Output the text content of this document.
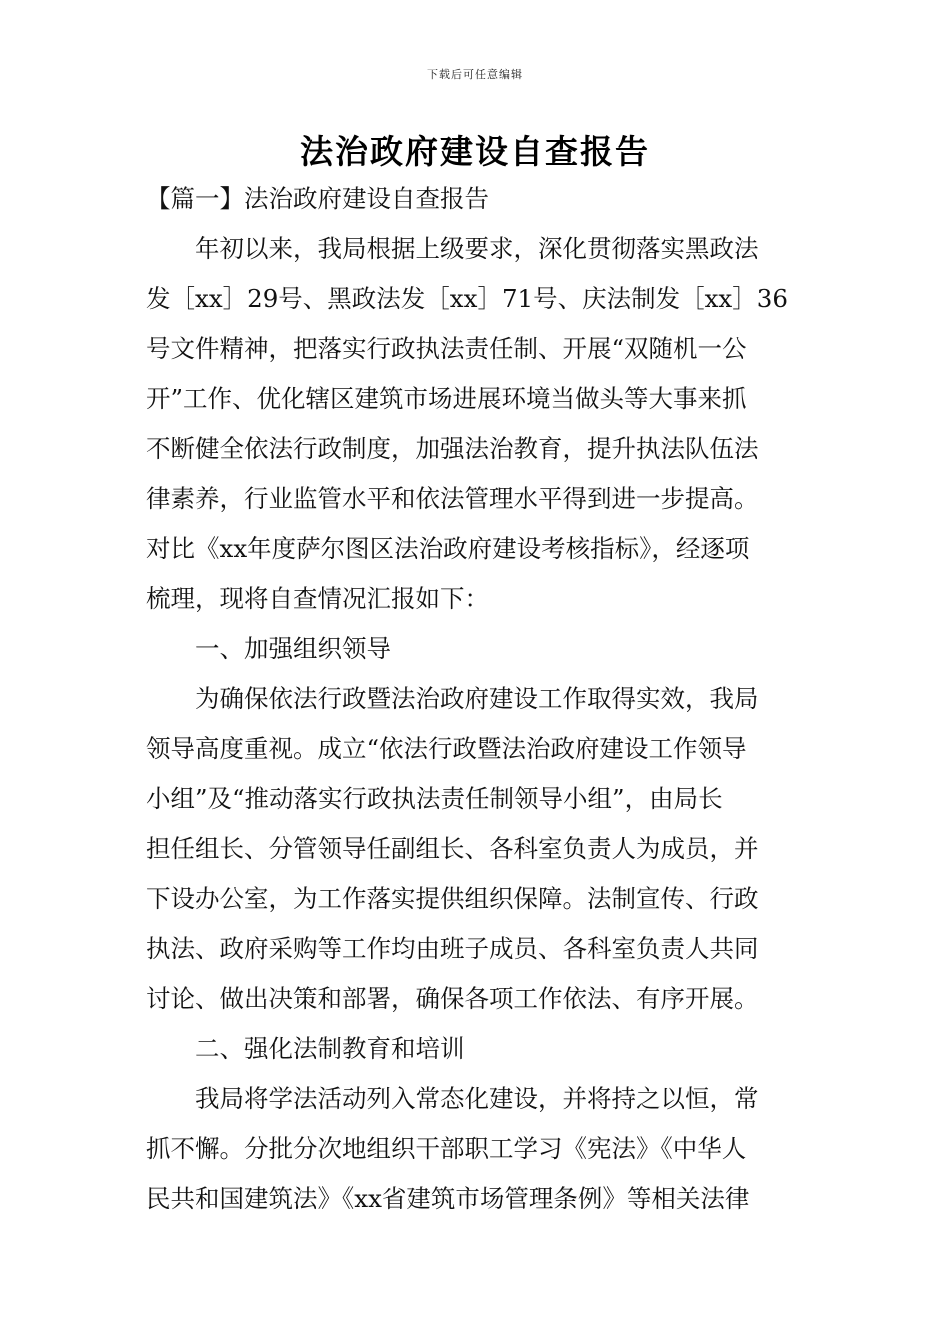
下载后可任意编辑
法治政府建设自查报告
【篇一】法治政府建设自查报告
　　年初以来，我局根据上级要求，深化贯彻落实黑政法
发［xx］29号、黑政法发［xx］71号、庆法制发［xx］36
号文件精神，把落实行政执法责任制、开展“双随机一公
开”工作、优化辖区建筑市场进展环境当做头等大事来抓
不断健全依法行政制度，加强法治教育，提升执法队伍法
律素养，行业监管水平和依法管理水平得到进一步提高。
对比《xx年度萨尔图区法治政府建设考核指标》，经逐项
梳理，现将自查情况汇报如下：
　　一、加强组织领导
　　为确保依法行政暨法治政府建设工作取得实效，我局
领导高度重视。成立“依法行政暨法治政府建设工作领导
小组”及“推动落实行政执法责任制领导小组”，由局长
担任组长、分管领导任副组长、各科室负责人为成员，并
下设办公室，为工作落实提供组织保障。法制宣传、行政
执法、政府采购等工作均由班子成员、各科室负责人共同
讨论、做出决策和部署，确保各项工作依法、有序开展。
　　二、强化法制教育和培训
　　我局将学法活动列入常态化建设，并将持之以恒，常
抓不懈。分批分次地组织干部职工学习《宪法》《中华人
民共和国建筑法》《xx省建筑市场管理条例》等相关法律
